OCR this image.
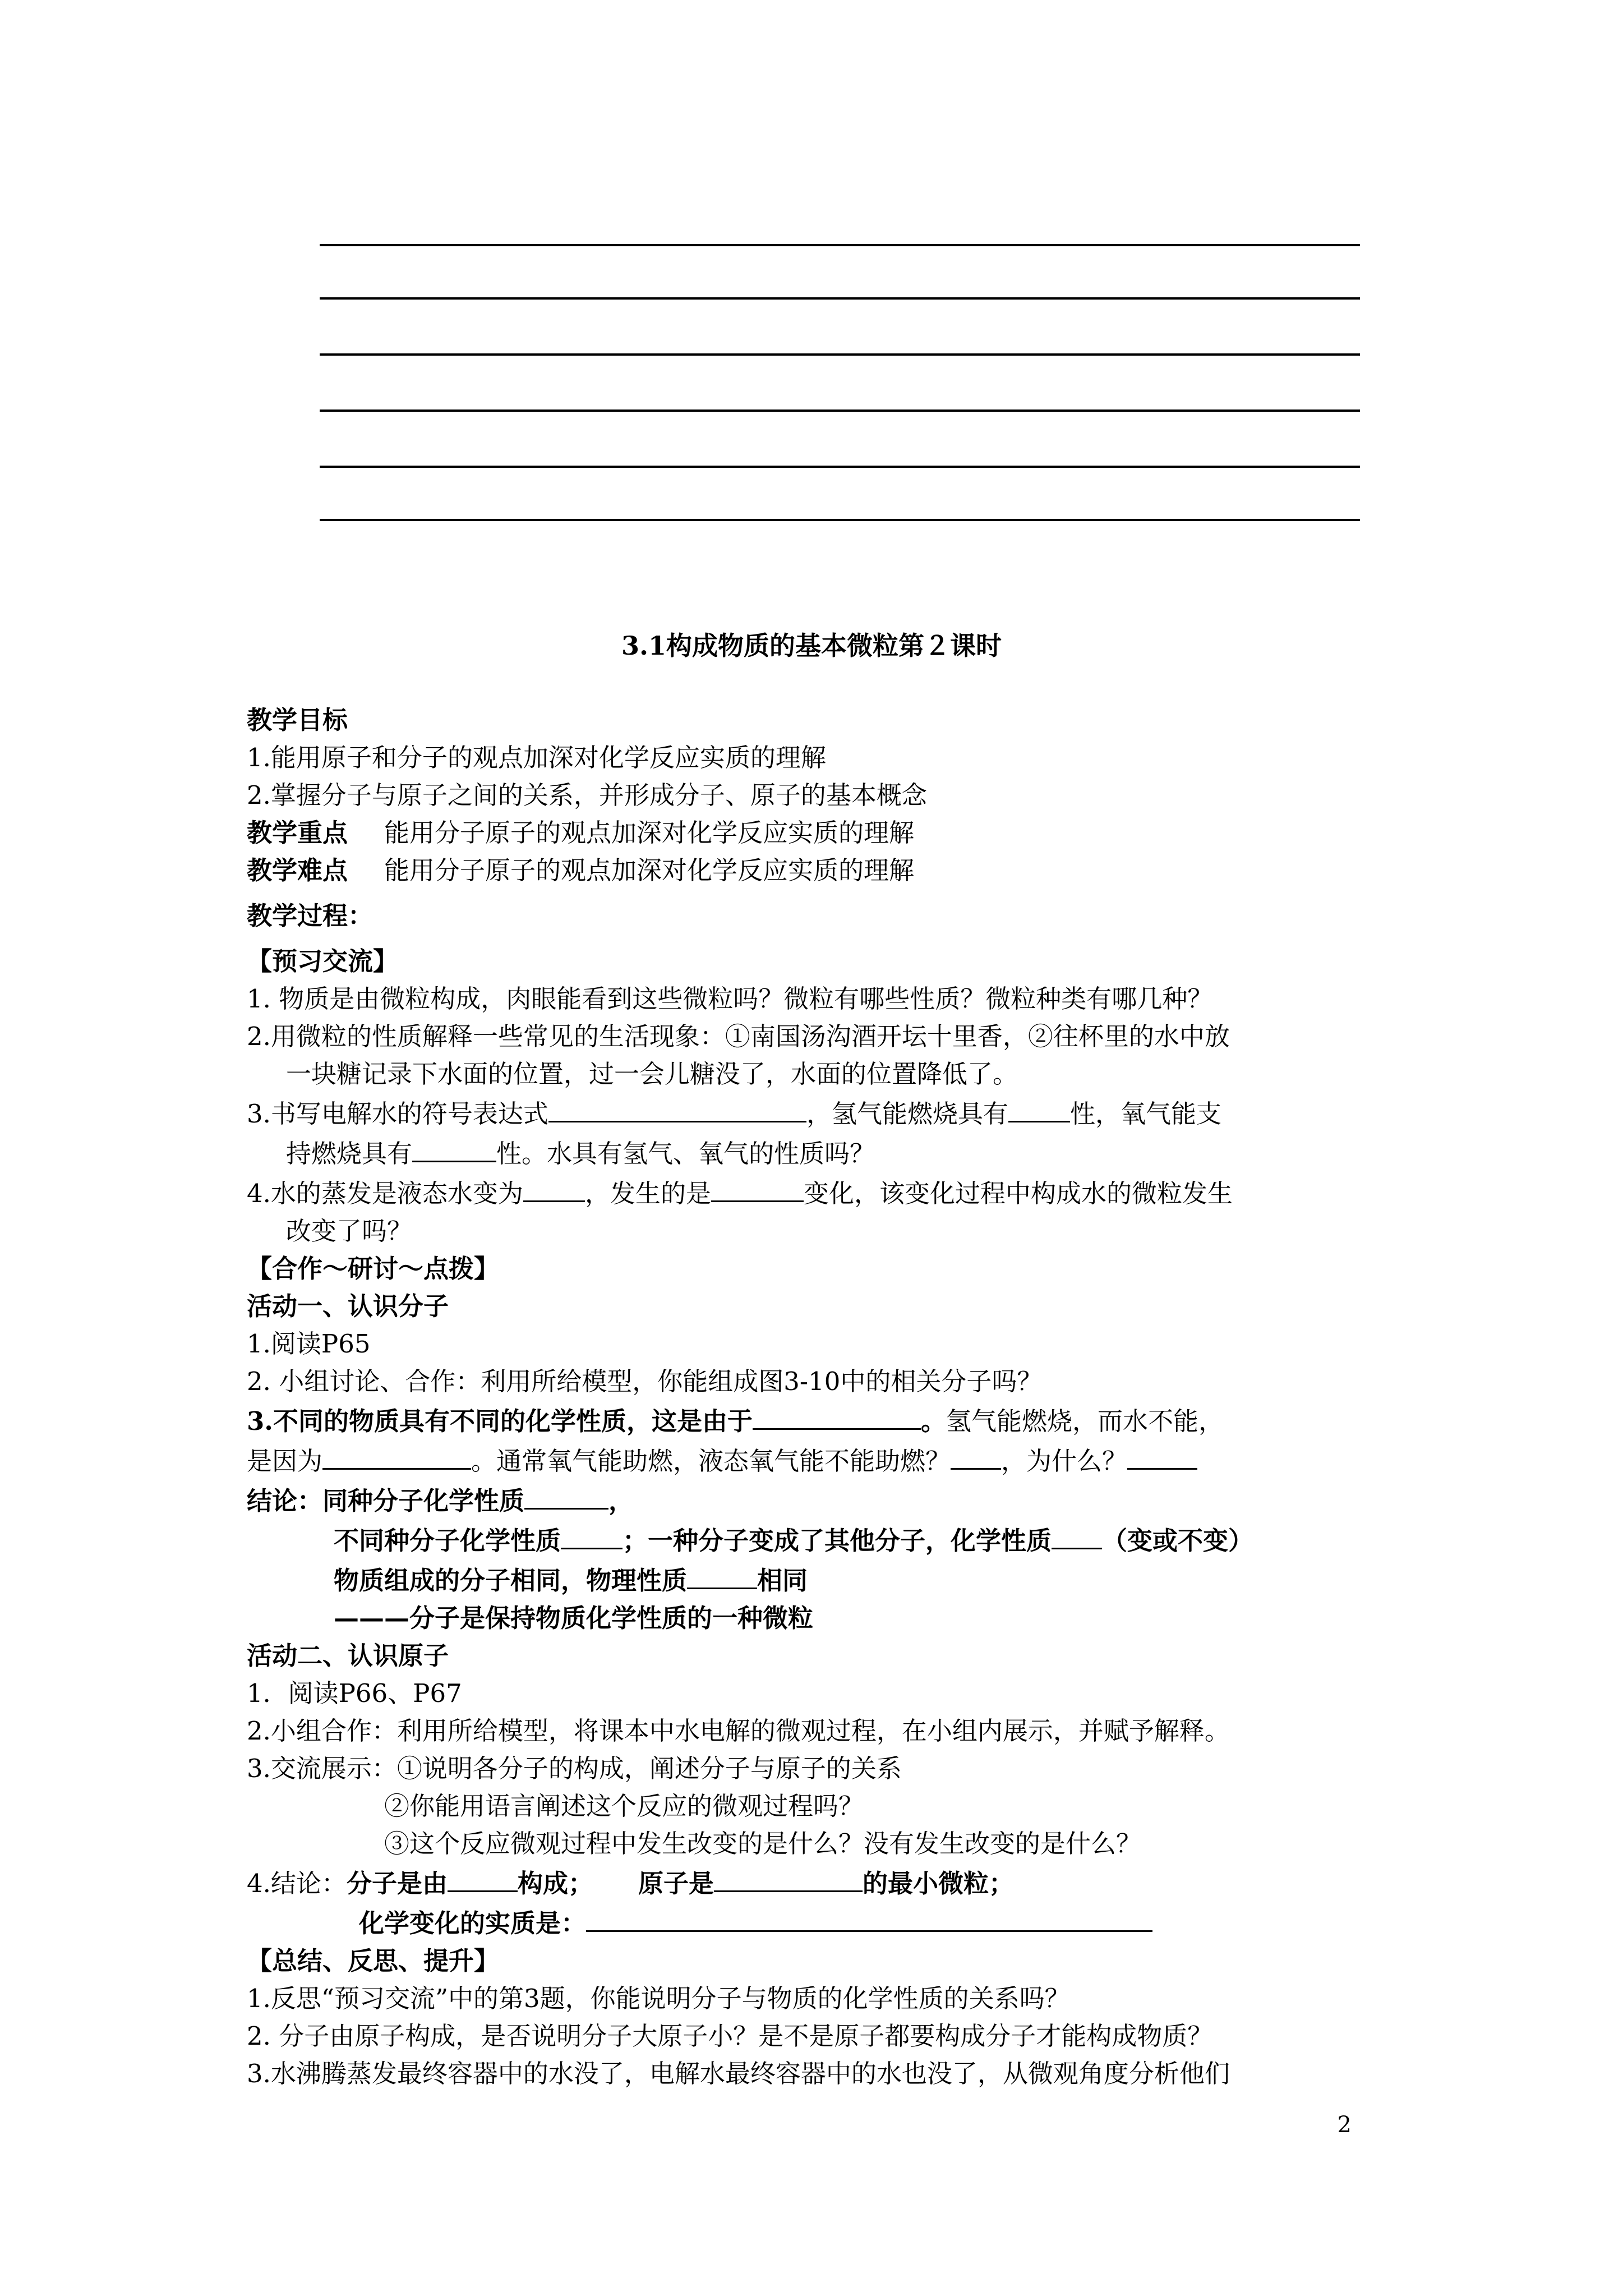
3.1构成物质的基本微粒第２课时
教学目标
1.能用原子和分子的观点加深对化学反应实质的理解
2.掌握分子与原子之间的关系，并形成分子、原子的基本概念
教学重点 能用分子原子的观点加深对化学反应实质的理解
教学难点 能用分子原子的观点加深对化学反应实质的理解
教学过程：
【预习交流】
1. 物质是由微粒构成，肉眼能看到这些微粒吗？微粒有哪些性质？微粒种类有哪几种？
2.用微粒的性质解释一些常见的生活现象：①南国汤沟酒开坛十里香，②往杯里的水中放
一块糖记录下水面的位置，过一会儿糖没了，水面的位置降低了。
3.书写电解水的符号表达式	，氢气能燃烧具有 性，氧气能支
持燃烧具有	性。水具有氢气、氧气的性质吗？
4.水的蒸发是液态水变为 ，发生的是	变化，该变化过程中构成水的微粒发生
改变了吗？
【合作～研讨～点拨】
活动一、认识分子
1.阅读P65
2. 小组讨论、合作：利用所给模型，你能组成图3-10中的相关分子吗？
3.不同的物质具有不同的化学性质，这是由于	。氢气能燃烧，而水不能，
是因为	。通常氧气能助燃，液态氧气能不能助燃？ ，为什么？
结论：同种分子化学性质	，
不同种分子化学性质 ；一种分子变成了其他分子，化学性质 （变或不变）
物质组成的分子相同，物理性质	相同
———分子是保持物质化学性质的一种微粒
活动二、认识原子
1．阅读P66、P67
2.小组合作：利用所给模型，将课本中水电解的微观过程，在小组内展示，并赋予解释。
3.交流展示：①说明各分子的构成，阐述分子与原子的关系
②你能用语言阐述这个反应的微观过程吗？
③这个反应微观过程中发生改变的是什么？没有发生改变的是什么？
4.结论：分子是由	构成； 原子是	的最小微粒；
化学变化的实质是：
【总结、反思、提升】
1.反思“预习交流”中的第3题，你能说明分子与物质的化学性质的关系吗？
2. 分子由原子构成，是否说明分子大原子小？是不是原子都要构成分子才能构成物质？
3.水沸腾蒸发最终容器中的水没了，电解水最终容器中的水也没了，从微观角度分析他们
2
